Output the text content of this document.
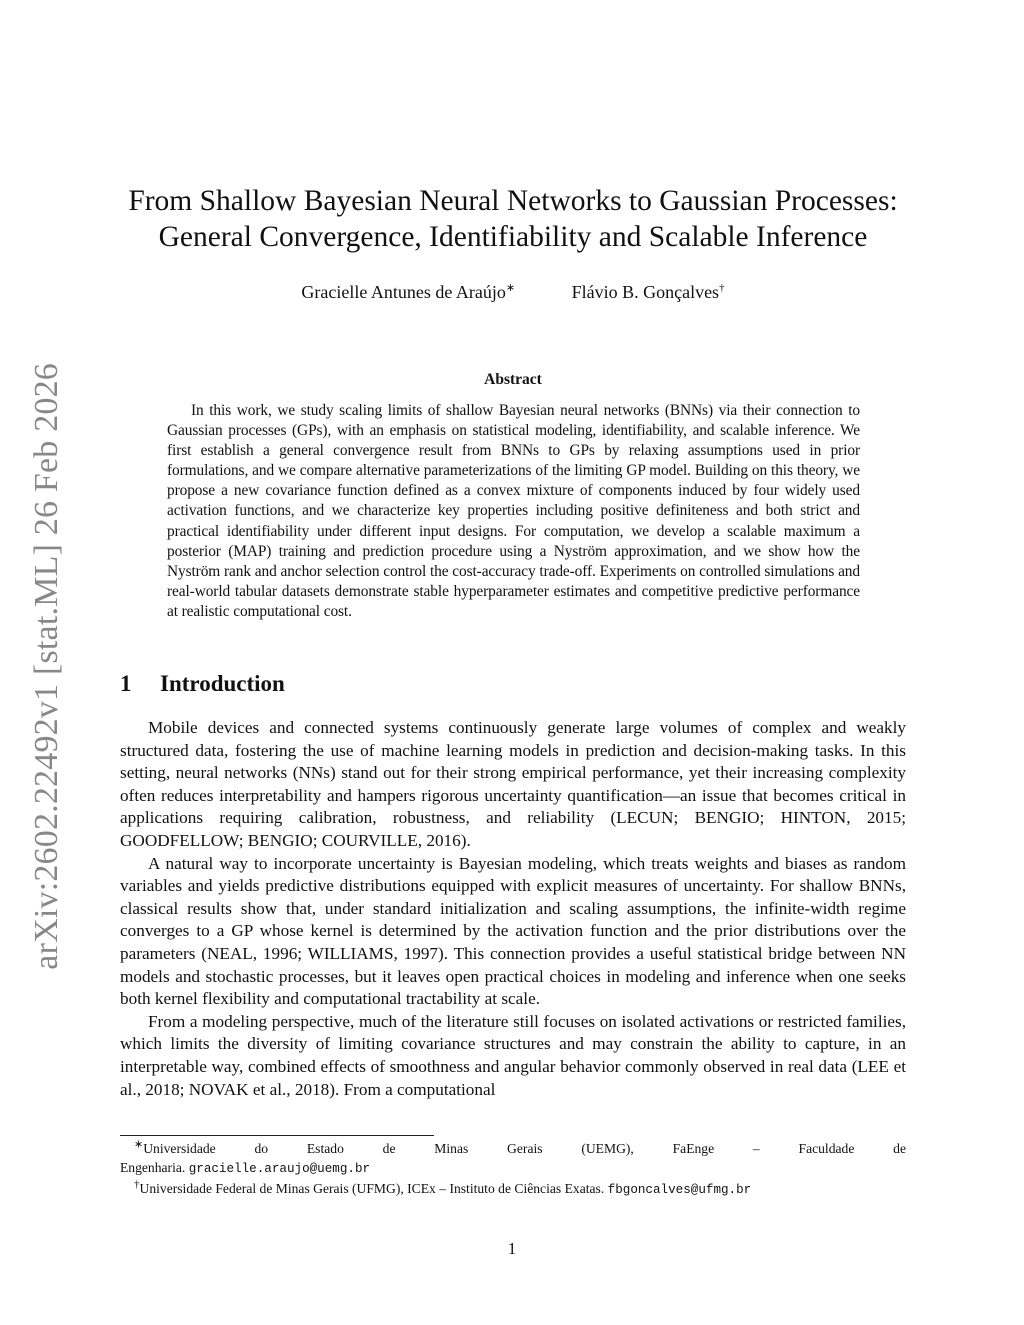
arXiv:2602.22492v1 [stat.ML] 26 Feb 2026
From Shallow Bayesian Neural Networks to Gaussian Processes:
General Convergence, Identifiability and Scalable Inference
Gracielle Antunes de Araújo∗	Flávio B. Gonçalves†
Abstract

In this work, we study scaling limits of shallow Bayesian neural networks (BNNs) via their connection to Gaussian processes (GPs), with an emphasis on statistical modeling, identifiability, and scalable inference. We first establish a general convergence result from BNNs to GPs by relaxing assumptions used in prior formulations, and we compare alternative parameterizations of the limiting GP model. Building on this theory, we propose a new covariance function defined as a convex mixture of components induced by four widely used activation functions, and we characterize key properties including positive definiteness and both strict and practical identifiability under different input designs. For computation, we develop a scalable maximum a posterior (MAP) training and prediction procedure using a Nyström approximation, and we show how the Nyström rank and anchor selection control the cost-accuracy trade-off. Experiments on controlled simulations and real-world tabular datasets demonstrate stable hyperparameter estimates and competitive predictive performance at realistic computational cost.

1 Introduction

Mobile devices and connected systems continuously generate large volumes of complex and weakly structured data, fostering the use of machine learning models in prediction and decision-making tasks. In this setting, neural networks (NNs) stand out for their strong empirical performance, yet their increasing complexity often reduces interpretability and hampers rigorous uncertainty quantification—an issue that becomes critical in applications requiring calibration, robustness, and reliability (LECUN; BENGIO; HINTON, 2015; GOODFELLOW; BENGIO; COURVILLE, 2016).

A natural way to incorporate uncertainty is Bayesian modeling, which treats weights and biases as random variables and yields predictive distributions equipped with explicit measures of uncertainty. For shallow BNNs, classical results show that, under standard initialization and scaling assumptions, the infinite-width regime converges to a GP whose kernel is determined by the activation function and the prior distributions over the parameters (NEAL, 1996; WILLIAMS, 1997). This connection provides a useful statistical bridge between NN models and stochastic processes, but it leaves open practical choices in modeling and inference when one seeks both kernel flexibility and computational tractability at scale.

From a modeling perspective, much of the literature still focuses on isolated activations or restricted families, which limits the diversity of limiting covariance structures and may constrain the ability to capture, in an interpretable way, combined effects of smoothness and angular behavior commonly observed in real data (LEE et al., 2018; NOVAK et al., 2018). From a computational

∗Universidade do Estado de Minas Gerais (UEMG), FaEnge – Faculdade de Engenharia. gracielle.araujo@uemg.br

†Universidade Federal de Minas Gerais (UFMG), ICEx – Instituto de Ciências Exatas. fbgoncalves@ufmg.br

1
